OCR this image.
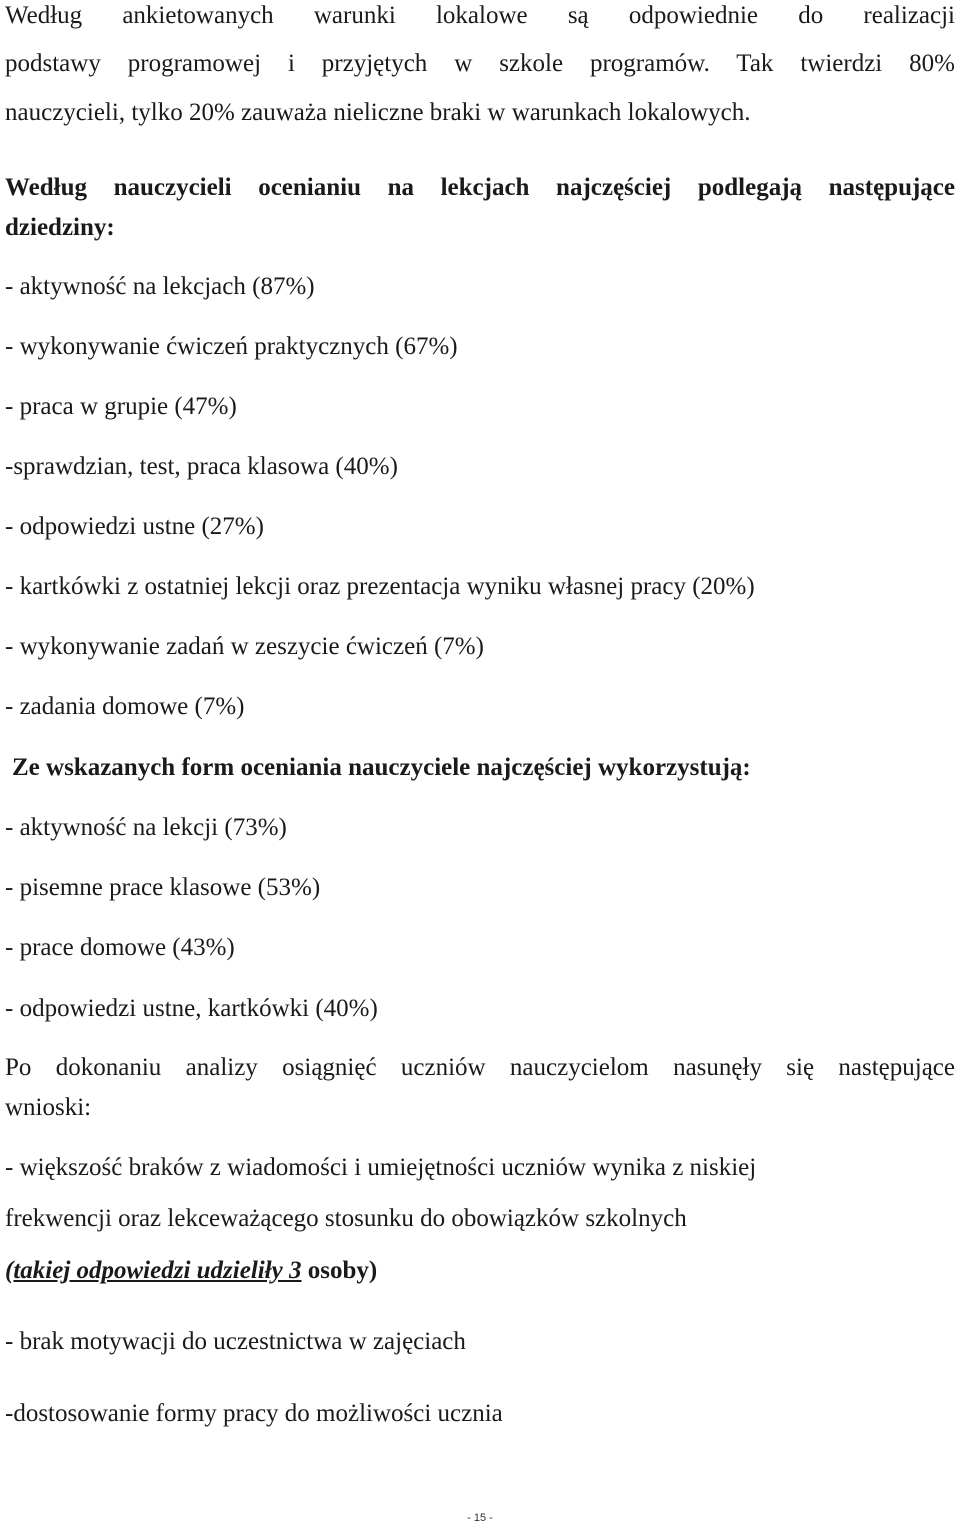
Według ankietowanych warunki lokalowe są odpowiednie do realizacji

podstawy programowej i przyjętych w szkole programów. Tak twierdzi 80%

nauczycieli, tylko 20% zauważa nieliczne braki w warunkach lokalowych.

Według nauczycieli ocenianiu na lekcjach najczęściej podlegają następujące

dziedziny:

- aktywność na lekcjach (87%)

- wykonywanie ćwiczeń praktycznych (67%)

- praca w grupie (47%)

-sprawdzian, test, praca klasowa (40%)

- odpowiedzi ustne (27%)

- kartkówki z ostatniej lekcji oraz prezentacja wyniku własnej pracy (20%)

- wykonywanie zadań w zeszycie ćwiczeń (7%)

- zadania domowe (7%)

Ze wskazanych form oceniania nauczyciele najczęściej wykorzystują:

- aktywność na lekcji (73%)

- pisemne prace klasowe (53%)

- prace domowe (43%)

- odpowiedzi ustne, kartkówki (40%)

Po dokonaniu analizy osiągnięć uczniów nauczycielom nasunęły się następujące

wnioski:

- większość braków z wiadomości i umiejętności uczniów wynika z niskiej

frekwencji oraz lekceważącego stosunku do obowiązków szkolnych

(takiej odpowiedzi udzieliły 3 osoby)

- brak motywacji do uczestnictwa w zajęciach

-dostosowanie formy pracy do możliwości ucznia

- 15 -
